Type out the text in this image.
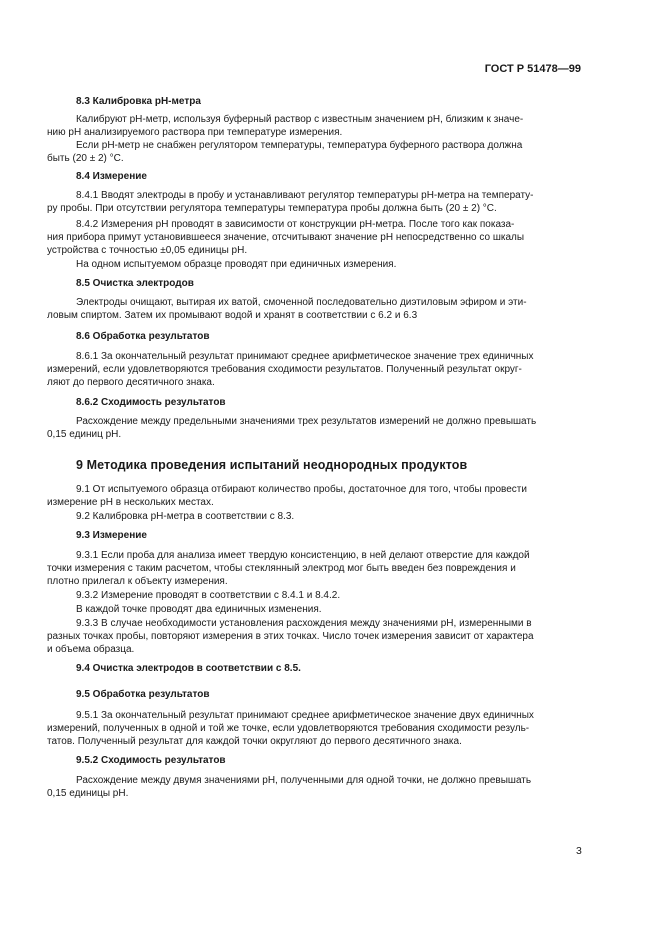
ГОСТ Р 51478—99
8.3 Калибровка рН-метра
Калибруют рН-метр, используя буферный раствор с известным значением рН, близким к значе-
нию рН анализируемого раствора при температуре измерения.
Если рН-метр не снабжен регулятором температуры, температура буферного раствора должна
быть (20 ± 2) °С.
8.4 Измерение
8.4.1 Вводят электроды в пробу и устанавливают регулятор температуры рН-метра на температу-
ру пробы. При отсутствии регулятора температуры температура пробы должна быть (20 ± 2) °С.
8.4.2 Измерения рН проводят в зависимости от конструкции рН-метра. После того как показа-
ния прибора примут установившееся значение, отсчитывают значение рН непосредственно со шкалы
устройства с точностью ±0,05 единицы рН.
На одном испытуемом образце проводят при единичных измерения.
8.5 Очистка электродов
Электроды очищают, вытирая их ватой, смоченной последовательно диэтиловым эфиром и эти-
ловым спиртом. Затем их промывают водой и хранят в соответствии с 6.2 и 6.3
8.6 Обработка результатов
8.6.1 За окончательный результат принимают среднее арифметическое значение трех единичных
измерений, если удовлетворяются требования сходимости результатов. Полученный результат округ-
ляют до первого десятичного знака.
8.6.2 Сходимость результатов
Расхождение между предельными значениями трех результатов измерений не должно превышать
0,15 единиц рН.
9 Методика проведения испытаний неоднородных продуктов
9.1 От испытуемого образца отбирают количество пробы, достаточное для того, чтобы провести
измерение рН в нескольких местах.
9.2 Калибровка рН-метра в соответствии с 8.3.
9.3 Измерение
9.3.1 Если проба для анализа имеет твердую консистенцию, в ней делают отверстие для каждой
точки измерения с таким расчетом, чтобы стеклянный электрод мог быть введен без повреждения и
плотно прилегал к объекту измерения.
9.3.2 Измерение проводят в соответствии с 8.4.1 и 8.4.2.
В каждой точке проводят два единичных изменения.
9.3.3 В случае необходимости установления расхождения между значениями рН, измеренными в
разных точках пробы, повторяют измерения в этих точках. Число точек измерения зависит от характера
и объема образца.
9.4 Очистка электродов в соответствии с 8.5.
9.5 Обработка результатов
9.5.1 За окончательный результат принимают среднее арифметическое значение двух единичных
измерений, полученных в одной и той же точке, если удовлетворяются требования сходимости резуль-
татов. Полученный результат для каждой точки округляют до первого десятичного знака.
9.5.2 Сходимость результатов
Расхождение между двумя значениями рН, полученными для одной точки, не должно превышать
0,15 единицы рН.
3
